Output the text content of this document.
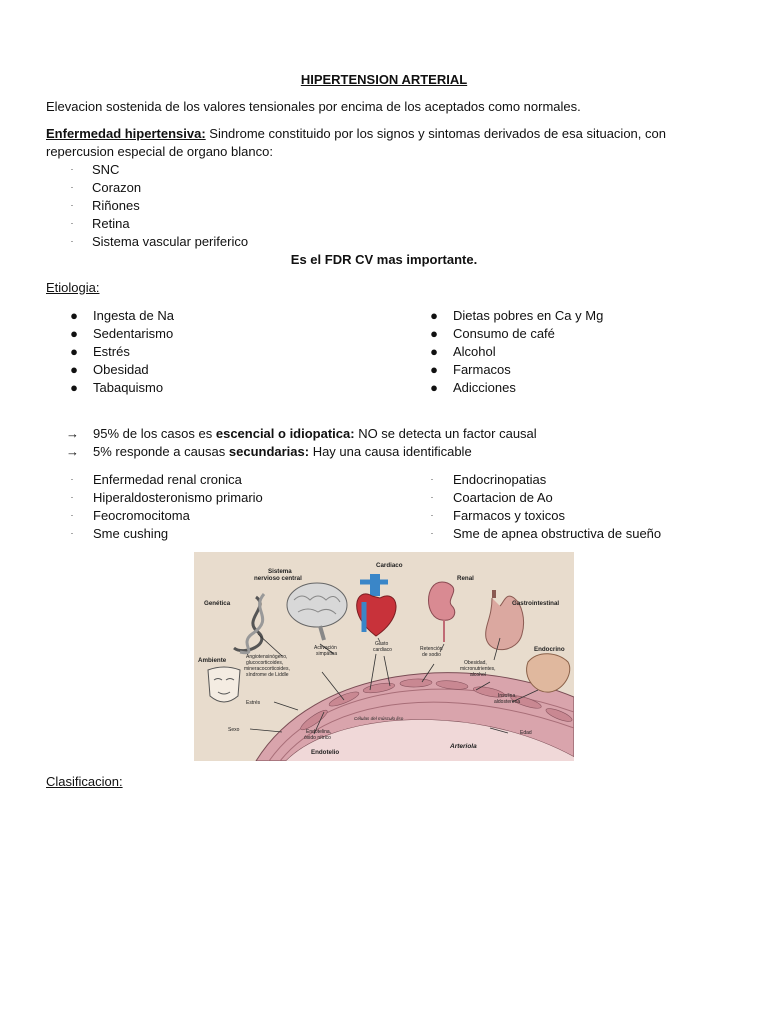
HIPERTENSION ARTERIAL
Elevacion sostenida de los valores tensionales por encima de los aceptados como normales.
Enfermedad hipertensiva: Sindrome constituido por los signos y sintomas derivados de esa situacion, con
repercusion especial de organo blanco:
·	SNC
·	Corazon
·	Riñones
·	Retina
·	Sistema vascular periferico
Es el FDR CV mas importante.
Etiologia:
●	Ingesta de Na
●	Sedentarismo
●	Estrés
●	Obesidad
●	Tabaquismo
●	Dietas pobres en Ca y Mg
●	Consumo de café
●	Alcohol
●	Farmacos
●	Adicciones
→ 95% de los casos es escencial o idiopatica: NO se detecta un factor causal
→ 5% responde a causas secundarias: Hay una causa identificable
·	Enfermedad renal cronica
·	Hiperaldosteronismo primario
·	Feocromocitoma
·	Sme cushing
·	Endocrinopatias
·	Coartacion de Ao
·	Farmacos y toxicos
·	Sme de apnea obstructiva de sueño
Sistema
nervioso central
Cardiaco
Renal
Gastrointestinal
Genética
Ambiente
Endocrino
Endotelio
Angiotensinógeno,
glucocorticoides,
mineracocorticoides,
síndrome de Liddle
Activación
simpática
Gasto
cardiaco	Retención
de sodio
Obesidad,
micronutrientes,
alcohol
Insulina,
aldosterona
Estrés
Sexo	Edad
Endotelina,
óxido nítrico
Células del músculo liso
Arteriola
Clasificacion:
